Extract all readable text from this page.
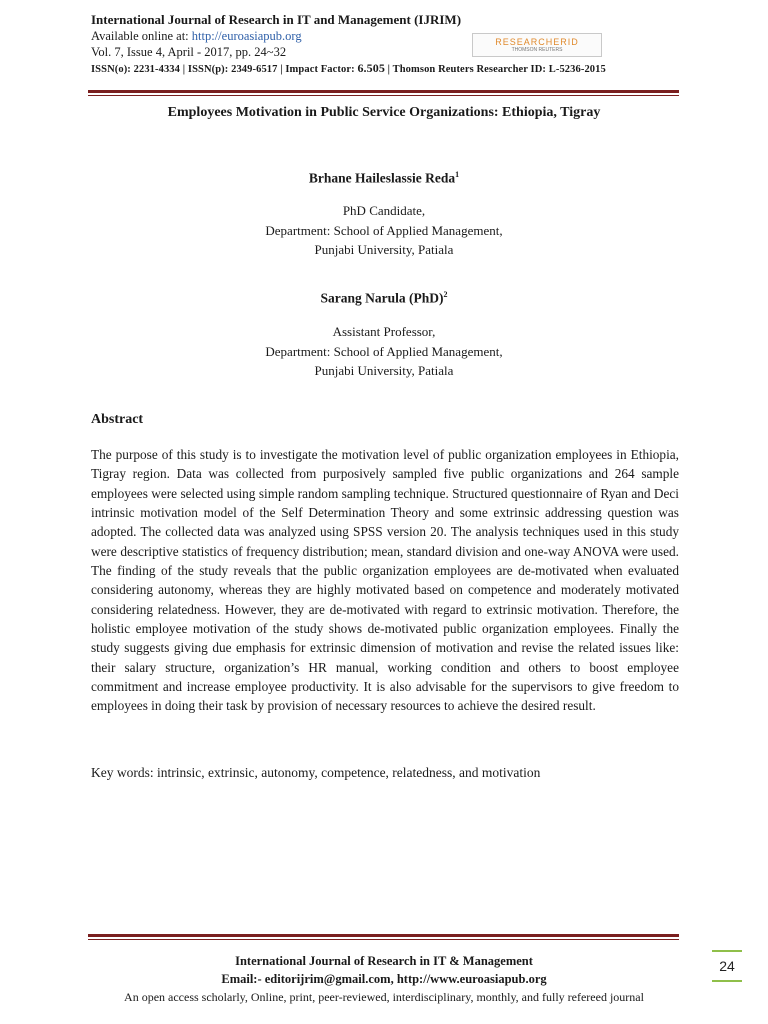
International Journal of Research in IT and Management (IJRIM)
Available online at: http://euroasiapub.org
Vol. 7, Issue 4, April - 2017, pp. 24~32
ISSN(o): 2231-4334 | ISSN(p): 2349-6517 | Impact Factor: 6.505 | Thomson Reuters Researcher ID: L-5236-2015
RESEARCHERID
THOMSON REUTERS
Employees Motivation in Public Service Organizations: Ethiopia, Tigray
Brhane Haileslassie Reda$^1$
PhD Candidate,
Department: School of Applied Management,
Punjabi University, Patiala
Sarang Narula (PhD)$^2$
Assistant Professor,
Department: School of Applied Management,
Punjabi University, Patiala
Abstract

The purpose of this study is to investigate the motivation level of public organization employees in Ethiopia, Tigray region. Data was collected from purposively sampled five public organizations and 264 sample employees were selected using simple random sampling technique. Structured questionnaire of Ryan and Deci intrinsic motivation model of the Self Determination Theory and some extrinsic addressing question was adopted. The collected data was analyzed using SPSS version 20. The analysis techniques used in this study were descriptive statistics of frequency distribution; mean, standard division and one-way ANOVA were used. The finding of the study reveals that the public organization employees are de-motivated when evaluated considering autonomy, whereas they are highly motivated based on competence and moderately motivated considering relatedness. However, they are de-motivated with regard to extrinsic motivation. Therefore, the holistic employee motivation of the study shows de-motivated public organization employees. Finally the study suggests giving due emphasis for extrinsic dimension of motivation and revise the related issues like: their salary structure, organization’s HR manual, working condition and others to boost employee commitment and increase employee productivity. It is also advisable for the supervisors to give freedom to employees in doing their task by provision of necessary resources to achieve the desired result.

Key words: intrinsic, extrinsic, autonomy, competence, relatedness, and motivation
International Journal of Research in IT & Management
Email:- editorijrim@gmail.com, http://www.euroasiapub.org
An open access scholarly, Online, print, peer-reviewed, interdisciplinary, monthly, and fully refereed journal
24
